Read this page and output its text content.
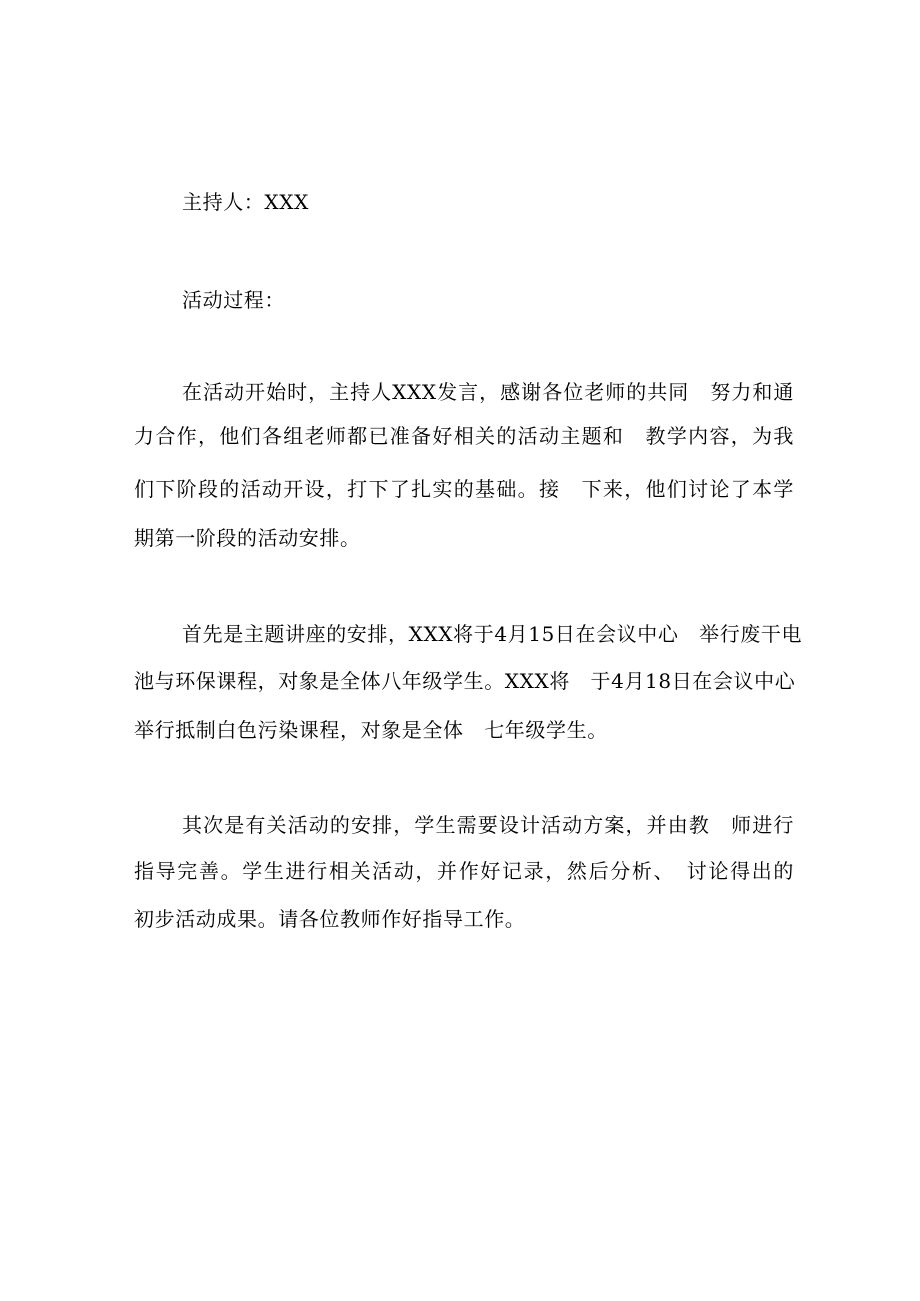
主持人：XXX
活动过程：
在活动开始时，主持人XXX发言，感谢各位老师的共同　努力和通
力合作，他们各组老师都已准备好相关的活动主题和　教学内容，为我
们下阶段的活动开设，打下了扎实的基础。接　下来，他们讨论了本学
期第一阶段的活动安排。
首先是主题讲座的安排，XXX将于4月15日在会议中心　举行废干电
池与环保课程，对象是全体八年级学生。XXX将　于4月18日在会议中心
举行抵制白色污染课程，对象是全体　七年级学生。
其次是有关活动的安排，学生需要设计活动方案，并由教　师进行
指导完善。学生进行相关活动，并作好记录，然后分析、　讨论得出的
初步活动成果。请各位教师作好指导工作。
